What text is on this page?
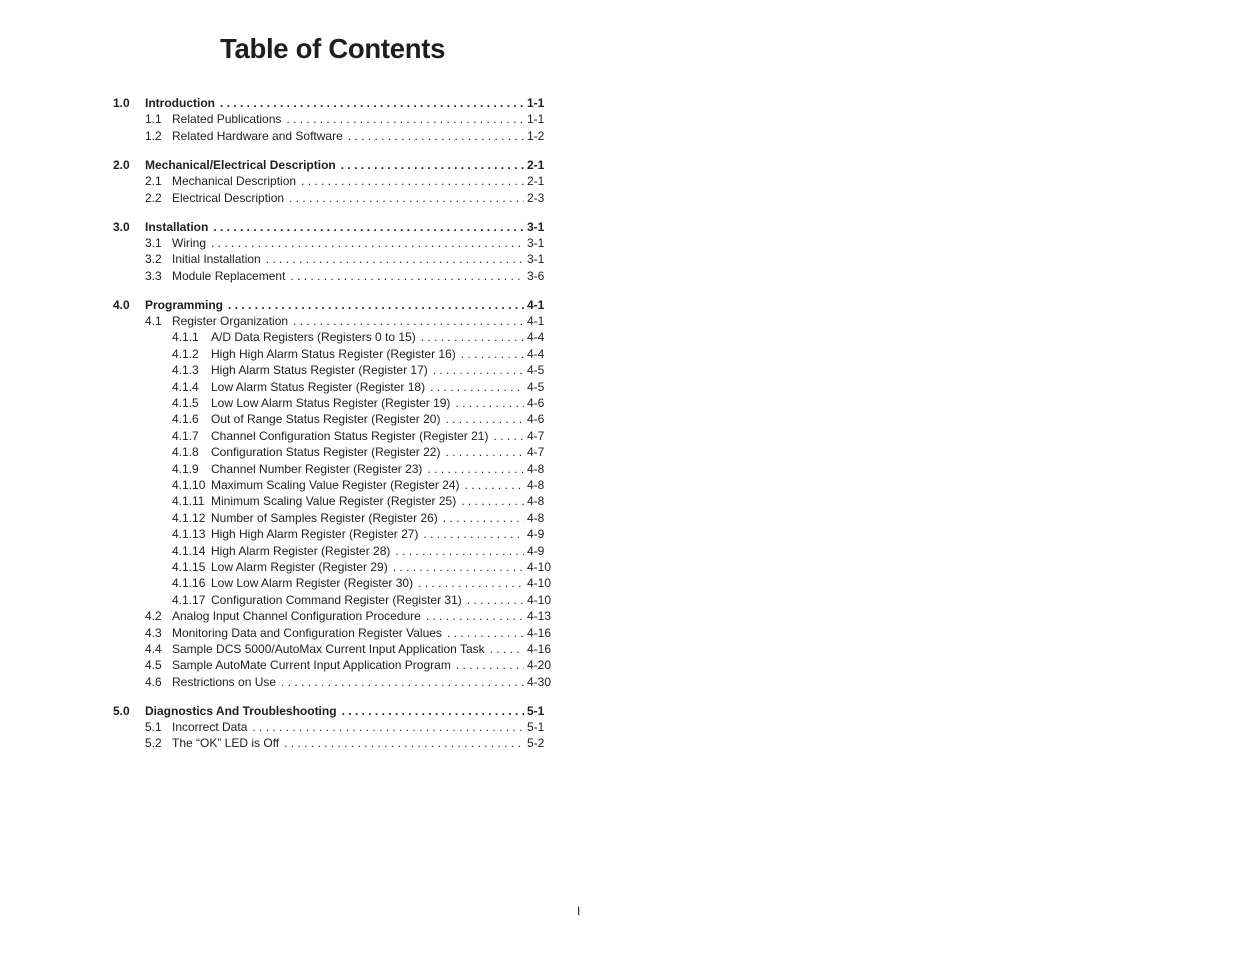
Table of Contents
1.0	Introduction . . .	1-1
1.1 Related Publications . . .	1-1
1.2 Related Hardware and Software . . .	1-2
2.0	Mechanical/Electrical Description . . .	2-1
2.1 Mechanical Description . . .	2-1
2.2 Electrical Description . . .	2-3
3.0	Installation . . .	3-1
3.1 Wiring . . .	3-1
3.2 Initial Installation . . .	3-1
3.3 Module Replacement . . .	3-6
4.0	Programming . . .	4-1
4.1 Register Organization . . .	4-1
4.1.1	A/D Data Registers (Registers 0 to 15) . . .	4-4
4.1.2	High High Alarm Status Register (Register 16) . . .	4-4
4.1.3	High Alarm Status Register (Register 17) . . .	4-5
4.1.4	Low Alarm Status Register (Register 18) . . .	4-5
4.1.5	Low Low Alarm Status Register (Register 19) . . .	4-6
4.1.6	Out of Range Status Register (Register 20) . . .	4-6
4.1.7	Channel Configuration Status Register (Register 21) . . .	4-7
4.1.8	Configuration Status Register (Register 22) . . .	4-7
4.1.9	Channel Number Register (Register 23) . . .	4-8
4.1.10 Maximum Scaling Value Register (Register 24) . . .	4-8
4.1.11 Minimum Scaling Value Register (Register 25) . . .	4-8
4.1.12 Number of Samples Register (Register 26) . . .	4-8
4.1.13 High High Alarm Register (Register 27) . . .	4-9
4.1.14 High Alarm Register (Register 28) . . .	4-9
4.1.15 Low Alarm Register (Register 29) . . .	4-10
4.1.16 Low Low Alarm Register (Register 30) . . .	4-10
4.1.17 Configuration Command Register (Register 31) . . .	4-10
4.2 Analog Input Channel Configuration Procedure . . .	4-13
4.3 Monitoring Data and Configuration Register Values . . .	4-16
4.4 Sample DCS 5000/AutoMax Current Input Application Task . . .	4-16
4.5 Sample AutoMate Current Input Application Program . . .	4-20
4.6 Restrictions on Use . . .	4-30
5.0	Diagnostics And Troubleshooting . . .	5-1
5.1 Incorrect Data . . .	5-1
5.2 The “OK” LED is Off . . .	5-2
I
